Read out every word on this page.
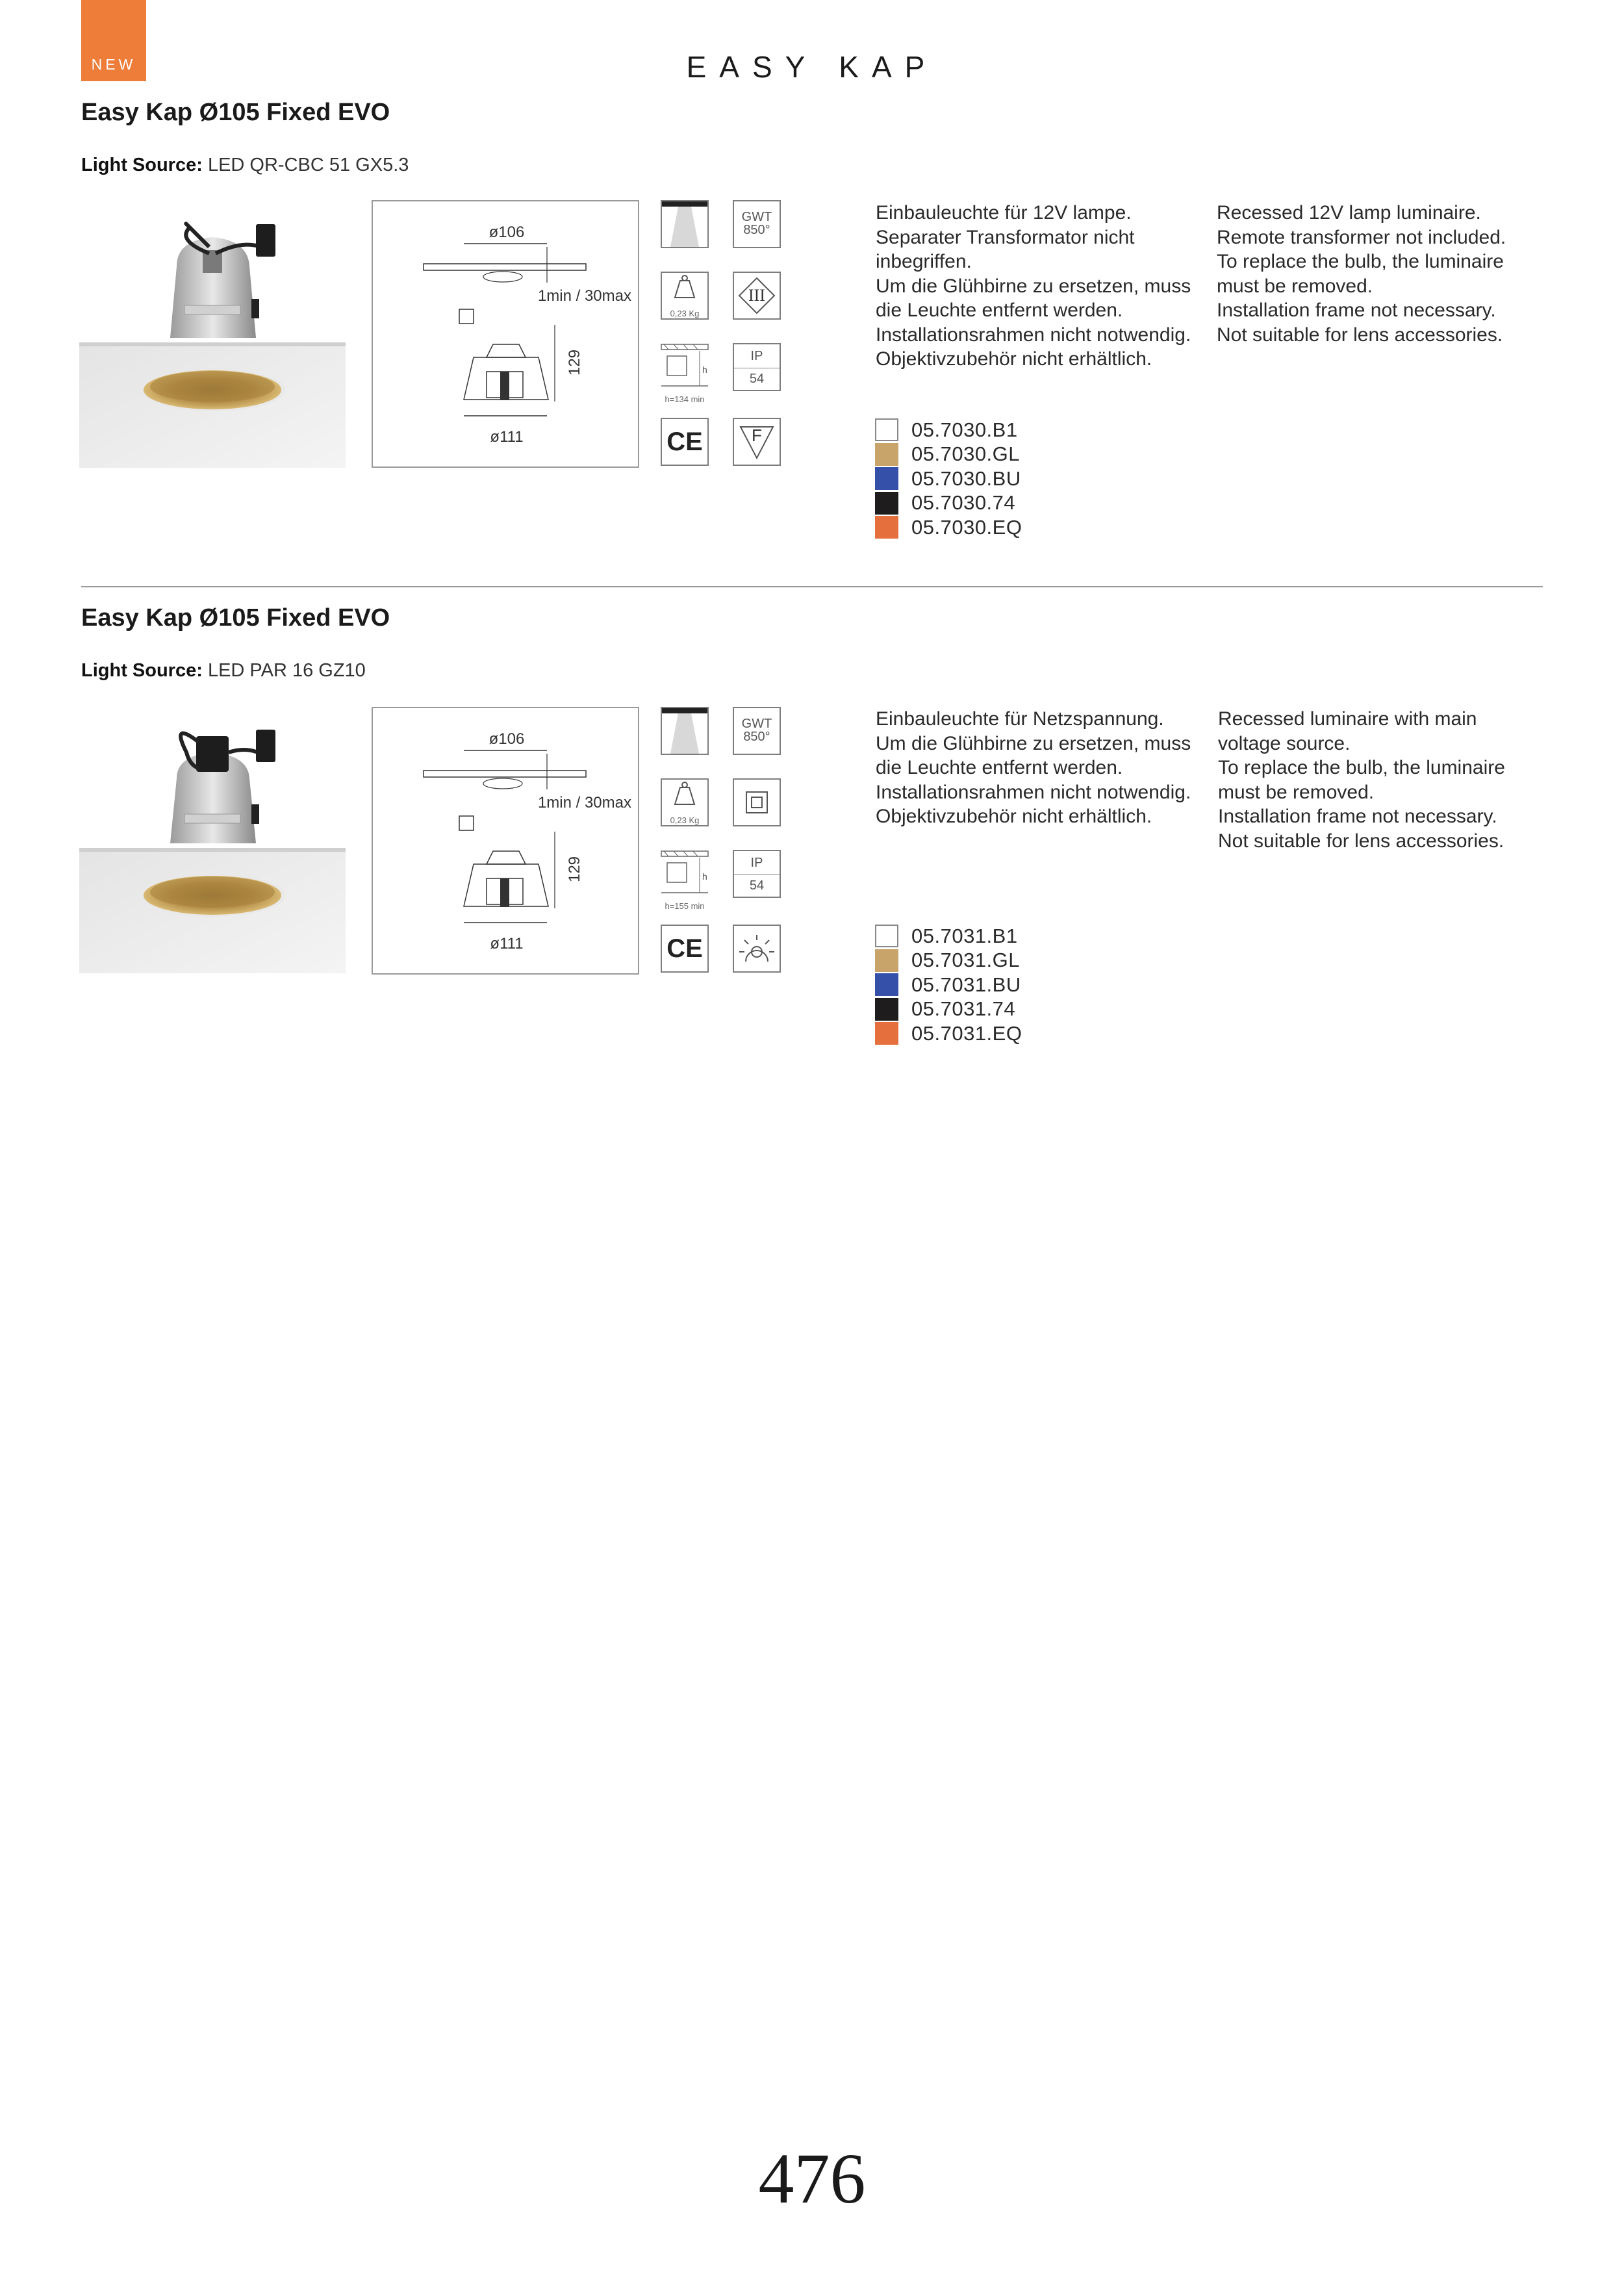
NEW	EASY KAP
Easy Kap Ø105 Fixed EVO
Light Source: LED QR-CBC 51 GX5.3
ø106
1min / 30max
129
ø111
0,23 Kg
h
h=134 min
CE
GWT
850°
III
IP
54
F
Einbauleuchte für 12V lampe.
Separater Transformator nicht
inbegriffen.
Um die Glühbirne zu ersetzen, muss
die Leuchte entfernt werden.
Installationsrahmen nicht notwendig.
Objektivzubehör nicht erhältlich.
Recessed 12V lamp luminaire.
Remote transformer not included.
To replace the bulb, the luminaire
must be removed.
Installation frame not necessary.
Not suitable for lens accessories.
05.7030.B1
05.7030.GL
05.7030.BU
05.7030.74
05.7030.EQ
Easy Kap Ø105 Fixed EVO
Light Source: LED PAR 16 GZ10
ø106
1min / 30max
129
ø111
0,23 Kg
h
h=155 min
CE
GWT
850°
IP
54
Einbauleuchte für Netzspannung.
Um die Glühbirne zu ersetzen, muss
die Leuchte entfernt werden.
Installationsrahmen nicht notwendig.
Objektivzubehör nicht erhältlich.
Recessed luminaire with main
voltage source.
To replace the bulb, the luminaire
must be removed.
Installation frame not necessary.
Not suitable for lens accessories.
05.7031.B1
05.7031.GL
05.7031.BU
05.7031.74
05.7031.EQ
476
